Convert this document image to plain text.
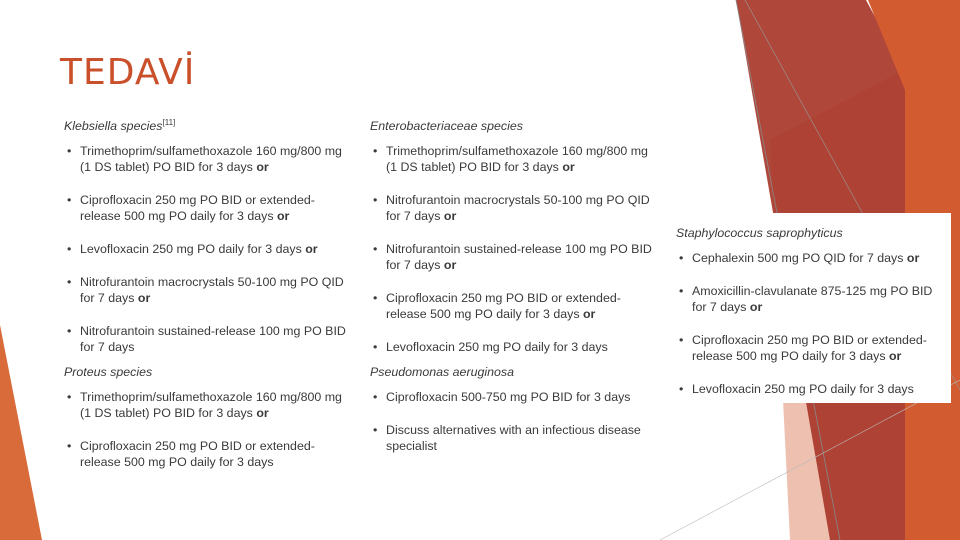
TEDAVİ
Klebsiella species[11]
• Trimethoprim/sulfamethoxazole 160 mg/800 mg (1 DS tablet) PO BID for 3 days or
• Ciprofloxacin 250 mg PO BID or extended-release 500 mg PO daily for 3 days or
• Levofloxacin 250 mg PO daily for 3 days or
• Nitrofurantoin macrocrystals 50-100 mg PO QID for 7 days or
• Nitrofurantoin sustained-release 100 mg PO BID for 7 days
Proteus species
• Trimethoprim/sulfamethoxazole 160 mg/800 mg (1 DS tablet) PO BID for 3 days or
• Ciprofloxacin 250 mg PO BID or extended-release 500 mg PO daily for 3 days
Enterobacteriaceae species
• Trimethoprim/sulfamethoxazole 160 mg/800 mg (1 DS tablet) PO BID for 3 days or
• Nitrofurantoin macrocrystals 50-100 mg PO QID for 7 days or
• Nitrofurantoin sustained-release 100 mg PO BID for 7 days or
• Ciprofloxacin 250 mg PO BID or extended-release 500 mg PO daily for 3 days or
• Levofloxacin 250 mg PO daily for 3 days
Pseudomonas aeruginosa
• Ciprofloxacin 500-750 mg PO BID for 3 days
• Discuss alternatives with an infectious disease specialist
Staphylococcus saprophyticus
• Cephalexin 500 mg PO QID for 7 days or
• Amoxicillin-clavulanate 875-125 mg PO BID for 7 days or
• Ciprofloxacin 250 mg PO BID or extended-release 500 mg PO daily for 3 days or
• Levofloxacin 250 mg PO daily for 3 days
